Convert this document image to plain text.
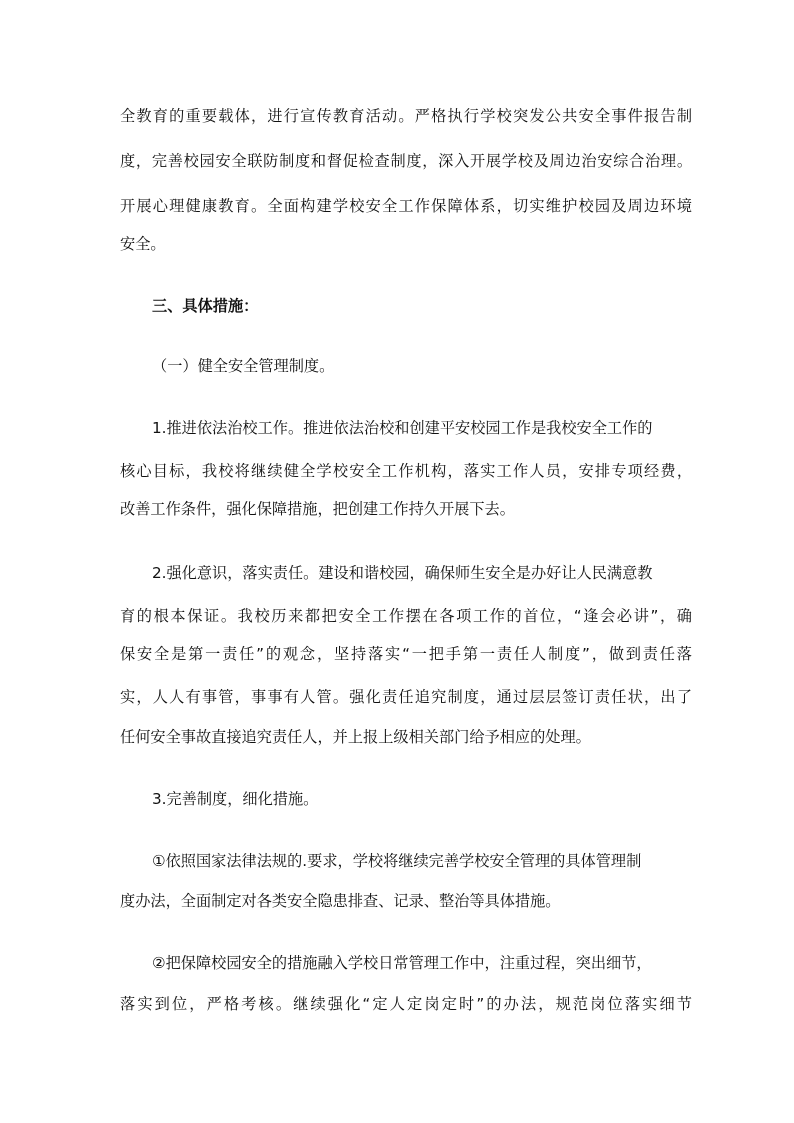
全教育的重要载体，进行宣传教育活动。严格执行学校突发公共安全事件报告制
度，完善校园安全联防制度和督促检查制度，深入开展学校及周边治安综合治理。
开展心理健康教育。全面构建学校安全工作保障体系，切实维护校园及周边环境
安全。
三、具体措施：
（一）健全安全管理制度。
1.推进依法治校工作。推进依法治校和创建平安校园工作是我校安全工作的
核心目标，我校将继续健全学校安全工作机构，落实工作人员，安排专项经费，
改善工作条件，强化保障措施，把创建工作持久开展下去。
2.强化意识，落实责任。建设和谐校园，确保师生安全是办好让人民满意教
育的根本保证。我校历来都把安全工作摆在各项工作的首位，“逢会必讲”，确
保安全是第一责任”的观念，坚持落实“一把手第一责任人制度”，做到责任落
实，人人有事管，事事有人管。强化责任追究制度，通过层层签订责任状，出了
任何安全事故直接追究责任人，并上报上级相关部门给予相应的处理。
3.完善制度，细化措施。
①依照国家法律法规的.要求，学校将继续完善学校安全管理的具体管理制
度办法，全面制定对各类安全隐患排查、记录、整治等具体措施。
②把保障校园安全的措施融入学校日常管理工作中，注重过程，突出细节，
落实到位，严格考核。继续强化“定人定岗定时”的办法，规范岗位落实细节
